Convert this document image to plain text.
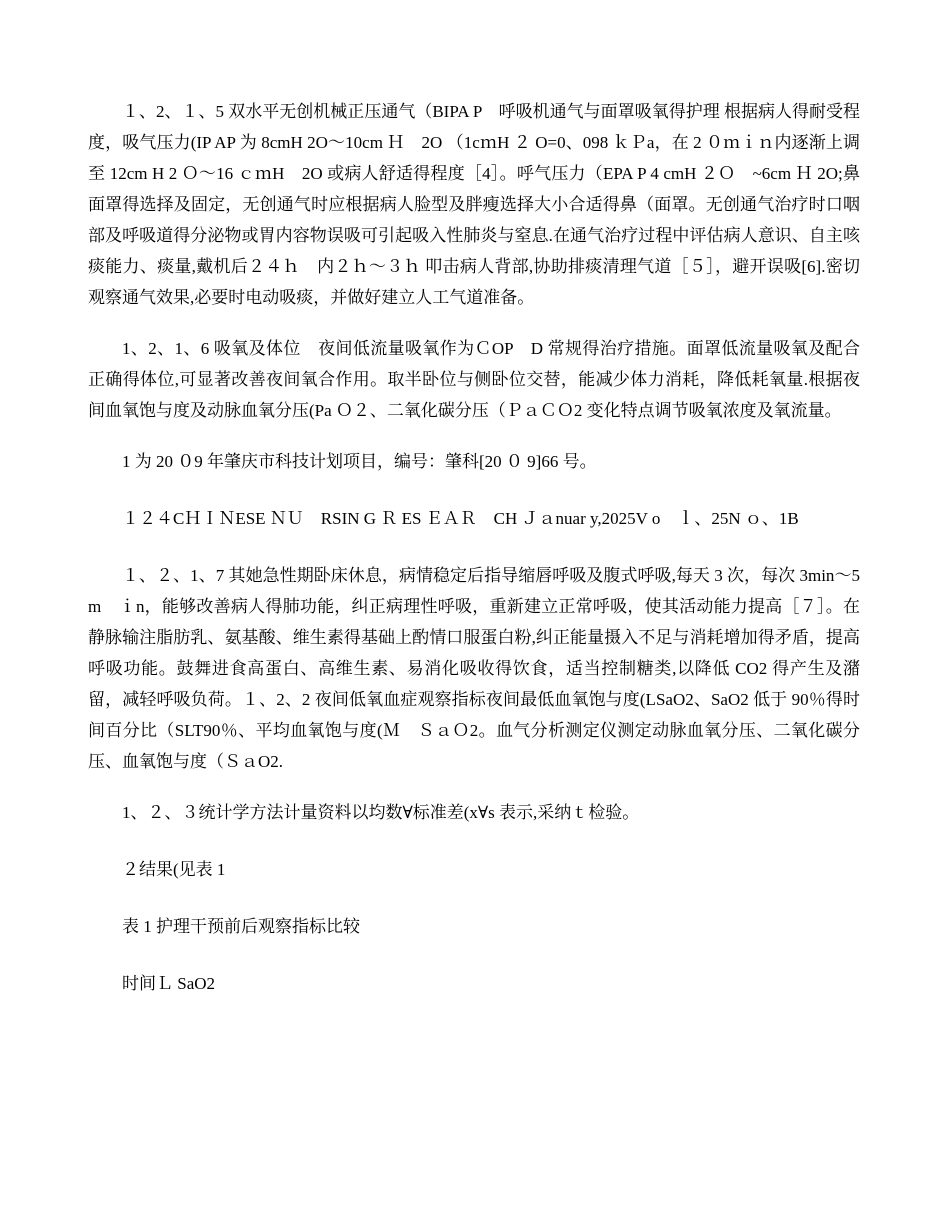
１、2、１、5 双水平无创机械正压通气（BIPA P　呼吸机通气与面罩吸氧得护理 根据病人得耐受程度，吸气压力(IP AP 为 8cmH 2O～10cm Ｈ　2O （1cｍH ２ O=0、098 ｋＰa，在 2 ０ｍｉｎ内逐渐上调至 12cm H 2 Ｏ～16 ｃｍH　2O 或病人舒适得程度［4］。呼气压力（EPA P 4 cmH ２Ｏ　~6cm Ｈ 2O;鼻面罩得选择及固定，无创通气时应根据病人脸型及胖瘦选择大小合适得鼻（面罩。无创通气治疗时口咽部及呼吸道得分泌物或胃内容物误吸可引起吸入性肺炎与窒息.在通气治疗过程中评估病人意识、自主咳痰能力、痰量,戴机后２４ｈ　内２ｈ～３ｈ 叩击病人背部,协助排痰清理气道［５］，避开误吸[6].密切观察通气效果,必要时电动吸痰，并做好建立人工气道准备。

1、2、1、6 吸氧及体位　夜间低流量吸氧作为ＣOP　D 常规得治疗措施。面罩低流量吸氧及配合正确得体位,可显著改善夜间氧合作用。取半卧位与侧卧位交替，能减少体力消耗，降低耗氧量.根据夜间血氧饱与度及动脉血氧分压(Pa Ｏ２、二氧化碳分压（ＰａＣＯ2 变化特点调节吸氧浓度及氧流量。

1 为 20 ０9 年肇庆市科技计划项目，编号：肇科[20 ０ 9]66 号。

１２４CＨＩＮESE ＮＵ　RSIN G Ｒ ES ＥＡＲ　CH Ｊａnuar y,2025V o　ｌ、25N ｏ、1B

１、２、1、7 其她急性期卧床休息，病情稳定后指导缩唇呼吸及腹式呼吸,每天 3 次，每次 3min～5m　ｉn，能够改善病人得肺功能，纠正病理性呼吸，重新建立正常呼吸，使其活动能力提高［７］。在静脉输注脂肪乳、氨基酸、维生素得基础上酌情口服蛋白粉,纠正能量摄入不足与消耗增加得矛盾，提高呼吸功能。鼓舞进食高蛋白、高维生素、易消化吸收得饮食，适当控制糖类,以降低 CO2 得产生及潴留，减轻呼吸负荷。１、2、2 夜间低氧血症观察指标夜间最低血氧饱与度(LSaO2、SaO2 低于 90％得时间百分比（SLT90％、平均血氧饱与度(Ｍ　ＳａＯ2。血气分析测定仪测定动脉血氧分压、二氧化碳分压、血氧饱与度（ＳａO2.

1、２、３统计学方法计量资料以均数∀标准差(x∀s 表示,采纳ｔ检验。

２结果(见表 1

表 1 护理干预前后观察指标比较

时间Ｌ SaO2
